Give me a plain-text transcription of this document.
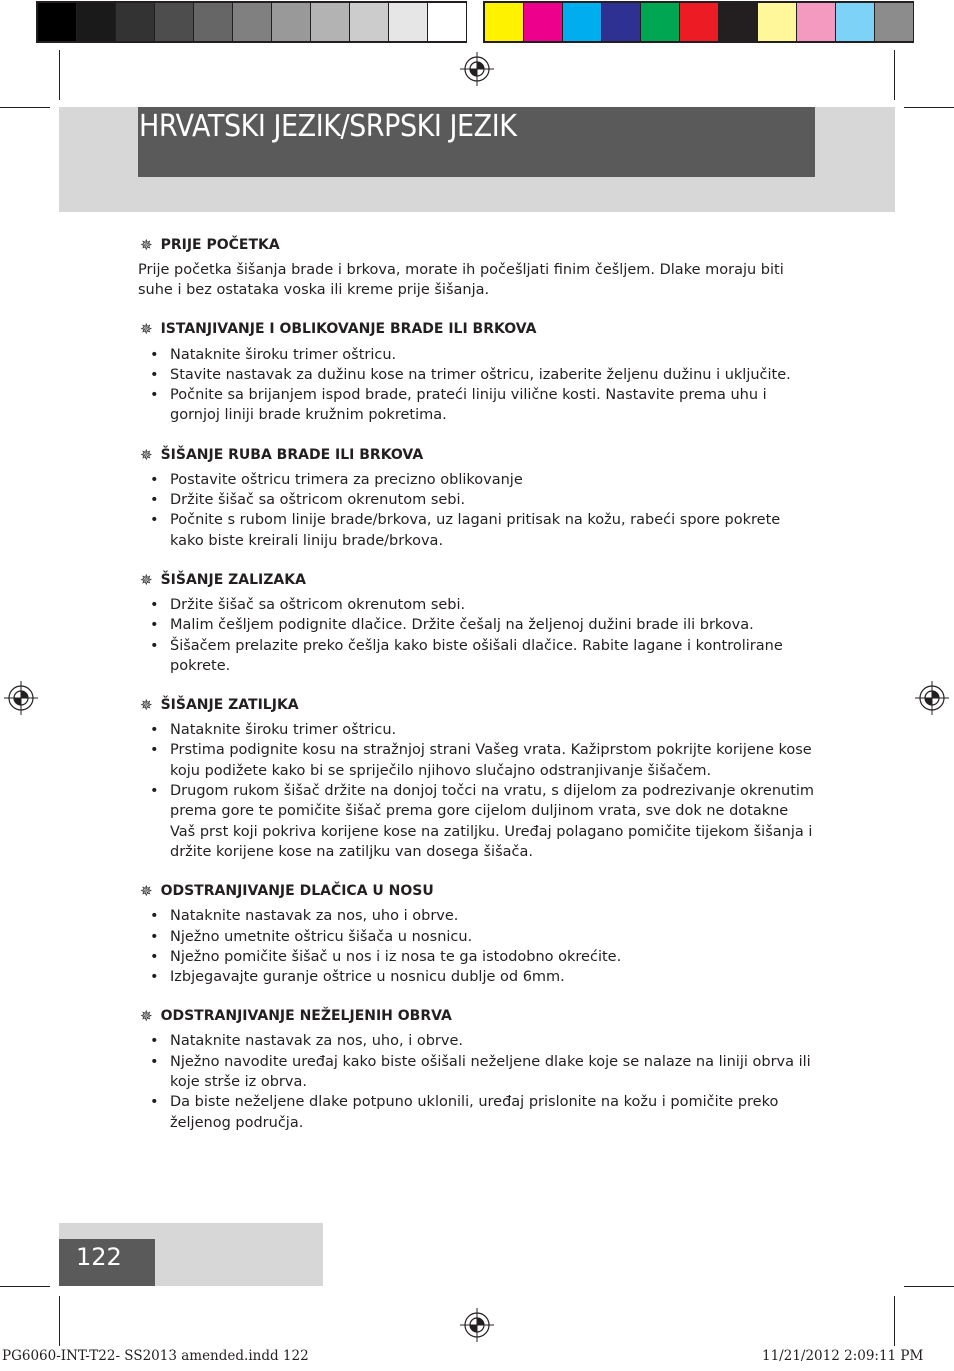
HRVATSKI JEZIK/SRPSKI JEZIK
✵ PRIJE POČETKA

Prije početka šišanja brade i brkova, morate ih počešljati finim češljem. Dlake moraju biti suhe i bez ostataka voska ili kreme prije šišanja.

✵ ISTANJIVANJE I OBLIKOVANJE BRADE ILI BRKOVA
• Nataknite široku trimer oštricu.
• Stavite nastavak za dužinu kose na trimer oštricu, izaberite željenu dužinu i uključite.
• Počnite sa brijanjem ispod brade, prateći liniju vilične kosti. Nastavite prema uhu i gornjoj liniji brade kružnim pokretima.
✵ ŠIŠANJE RUBA BRADE ILI BRKOVA
• Postavite oštricu trimera za precizno oblikovanje
• Držite šišač sa oštricom okrenutom sebi.
• Počnite s rubom linije brade/brkova, uz lagani pritisak na kožu, rabeći spore pokrete kako biste kreirali liniju brade/brkova.
✵ ŠIŠANJE ZALIZAKA
• Držite šišač sa oštricom okrenutom sebi.
• Malim češljem podignite dlačice. Držite češalj na željenoj dužini brade ili brkova.
• Šišačem prelazite preko češlja kako biste ošišali dlačice. Rabite lagane i kontrolirane pokrete.
✵ ŠIŠANJE ZATILJKA
• Nataknite široku trimer oštricu.
• Prstima podignite kosu na stražnjoj strani Vašeg vrata. Kažiprstom pokrijte korijene kose koju podižete kako bi se spriječilo njihovo slučajno odstranjivanje šišačem.
• Drugom rukom šišač držite na donjoj točci na vratu, s dijelom za podrezivanje okrenutim prema gore te pomičite šišač prema gore cijelom duljinom vrata, sve dok ne dotakne Vaš prst koji pokriva korijene kose na zatiljku. Uređaj polagano pomičite tijekom šišanja i držite korijene kose na zatiljku van dosega šišača.
✵ ODSTRANJIVANJE DLAČICA U NOSU
• Nataknite nastavak za nos, uho i obrve.
• Nježno umetnite oštricu šišača u nosnicu.
• Nježno pomičite šišač u nos i iz nosa te ga istodobno okrećite.
• Izbjegavajte guranje oštrice u nosnicu dublje od 6mm.
✵ ODSTRANJIVANJE NEŽELJENIH OBRVA
• Nataknite nastavak za nos, uho, i obrve.
• Nježno navodite uređaj kako biste ošišali neželjene dlake koje se nalaze na liniji obrva ili koje strše iz obrva.
• Da biste neželjene dlake potpuno uklonili, uređaj prislonite na kožu i pomičite preko željenog područja.
122
PG6060-INT-T22- SS2013 amended.indd 122	11/21/2012 2:09:11 PM
